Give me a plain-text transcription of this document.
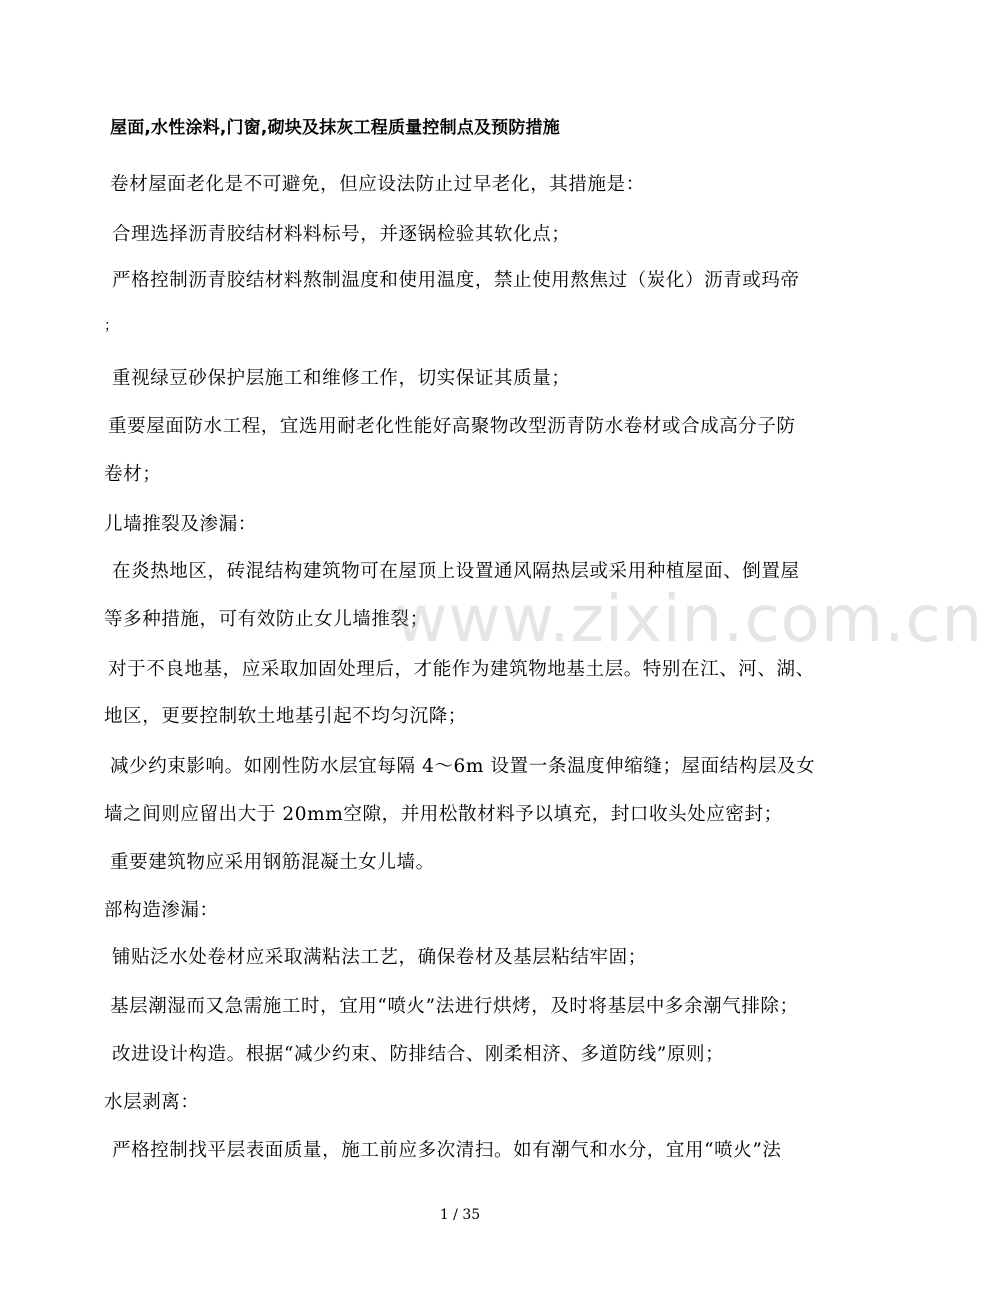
屋面,水性涂料,门窗,砌块及抹灰工程质量控制点及预防措施
卷材屋面老化是不可避免，但应设法防止过早老化，其措施是：
合理选择沥青胶结材料料标号，并逐锅检验其软化点；
严格控制沥青胶结材料熬制温度和使用温度，禁止使用熬焦过（炭化）沥青或玛帝
；
重视绿豆砂保护层施工和维修工作，切实保证其质量；
重要屋面防水工程，宜选用耐老化性能好高聚物改型沥青防水卷材或合成高分子防
卷材；
儿墙推裂及渗漏：
在炎热地区，砖混结构建筑物可在屋顶上设置通风隔热层或采用种植屋面、倒置屋
等多种措施，可有效防止女儿墙推裂；
对于不良地基，应采取加固处理后，才能作为建筑物地基土层。特别在江、河、湖、
地区，更要控制软土地基引起不均匀沉降；
减少约束影响。如刚性防水层宜每隔 4～6m 设置一条温度伸缩缝；屋面结构层及女
墙之间则应留出大于 20mm空隙，并用松散材料予以填充，封口收头处应密封；
重要建筑物应采用钢筋混凝土女儿墙。
部构造渗漏：
铺贴泛水处卷材应采取满粘法工艺，确保卷材及基层粘结牢固；
基层潮湿而又急需施工时，宜用“喷火”法进行烘烤，及时将基层中多余潮气排除；
改进设计构造。根据“减少约束、防排结合、刚柔相济、多道防线”原则；
水层剥离：
严格控制找平层表面质量，施工前应多次清扫。如有潮气和水分，宜用“喷火”法
www.zixin.com.cn
1 / 35
